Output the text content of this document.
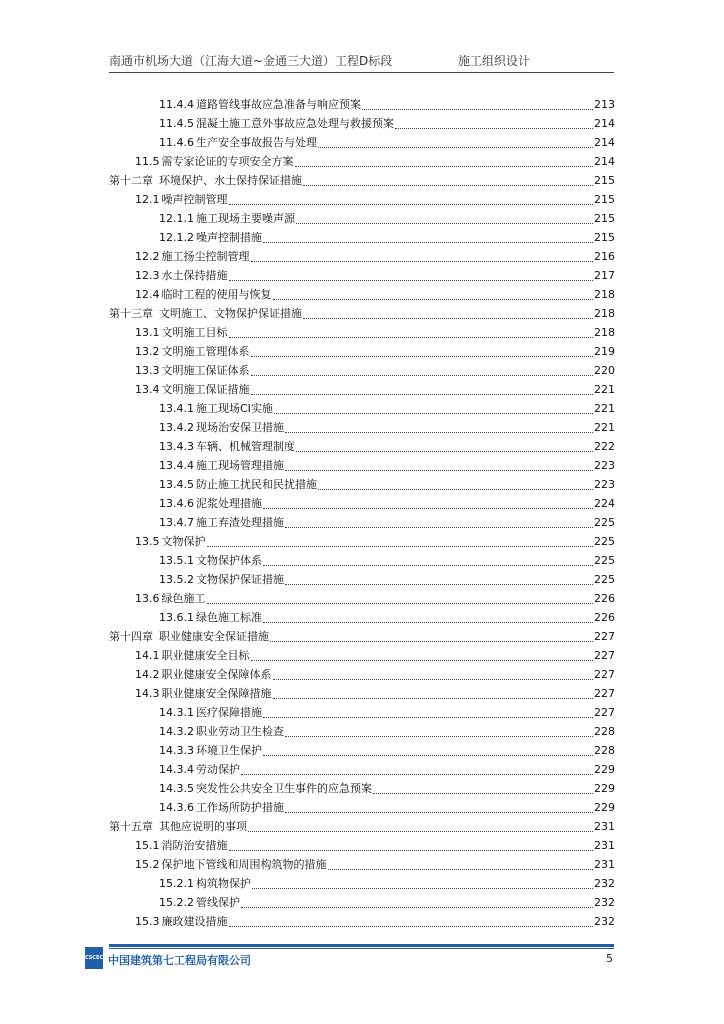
南通市机场大道（江海大道~金通三大道）工程D标段	施工组织设计
11.4.4 道路管线事故应急准备与响应预案	213
11.4.5 混凝土施工意外事故应急处理与救援预案	214
11.4.6 生产安全事故报告与处理	214
11.5 需专家论证的专项安全方案	214
第十二章 环境保护、水土保持保证措施	215
12.1 噪声控制管理	215
12.1.1 施工现场主要噪声源	215
12.1.2 噪声控制措施	215
12.2 施工扬尘控制管理	216
12.3 水土保持措施	217
12.4 临时工程的使用与恢复	218
第十三章 文明施工、文物保护保证措施	218
13.1 文明施工目标	218
13.2 文明施工管理体系	219
13.3 文明施工保证体系	220
13.4 文明施工保证措施	221
13.4.1 施工现场CI实施	221
13.4.2 现场治安保卫措施	221
13.4.3 车辆、机械管理制度	222
13.4.4 施工现场管理措施	223
13.4.5 防止施工扰民和民扰措施	223
13.4.6 泥浆处理措施	224
13.4.7 施工弃渣处理措施	225
13.5 文物保护	225
13.5.1 文物保护体系	225
13.5.2 文物保护保证措施	225
13.6 绿色施工	226
13.6.1 绿色施工标准	226
第十四章 职业健康安全保证措施	227
14.1 职业健康安全目标	227
14.2 职业健康安全保障体系	227
14.3 职业健康安全保障措施	227
14.3.1 医疗保障措施	227
14.3.2 职业劳动卫生检查	228
14.3.3 环境卫生保护	228
14.3.4 劳动保护	229
14.3.5 突发性公共安全卫生事件的应急预案	229
14.3.6 工作场所防护措施	229
第十五章 其他应说明的事项	231
15.1 消防治安措施	231
15.2 保护地下管线和周围构筑物的措施	231
15.2.1 构筑物保护	232
15.2.2 管线保护	232
15.3 廉政建设措施	232
CSCEC 中国建筑第七工程局有限公司	5
